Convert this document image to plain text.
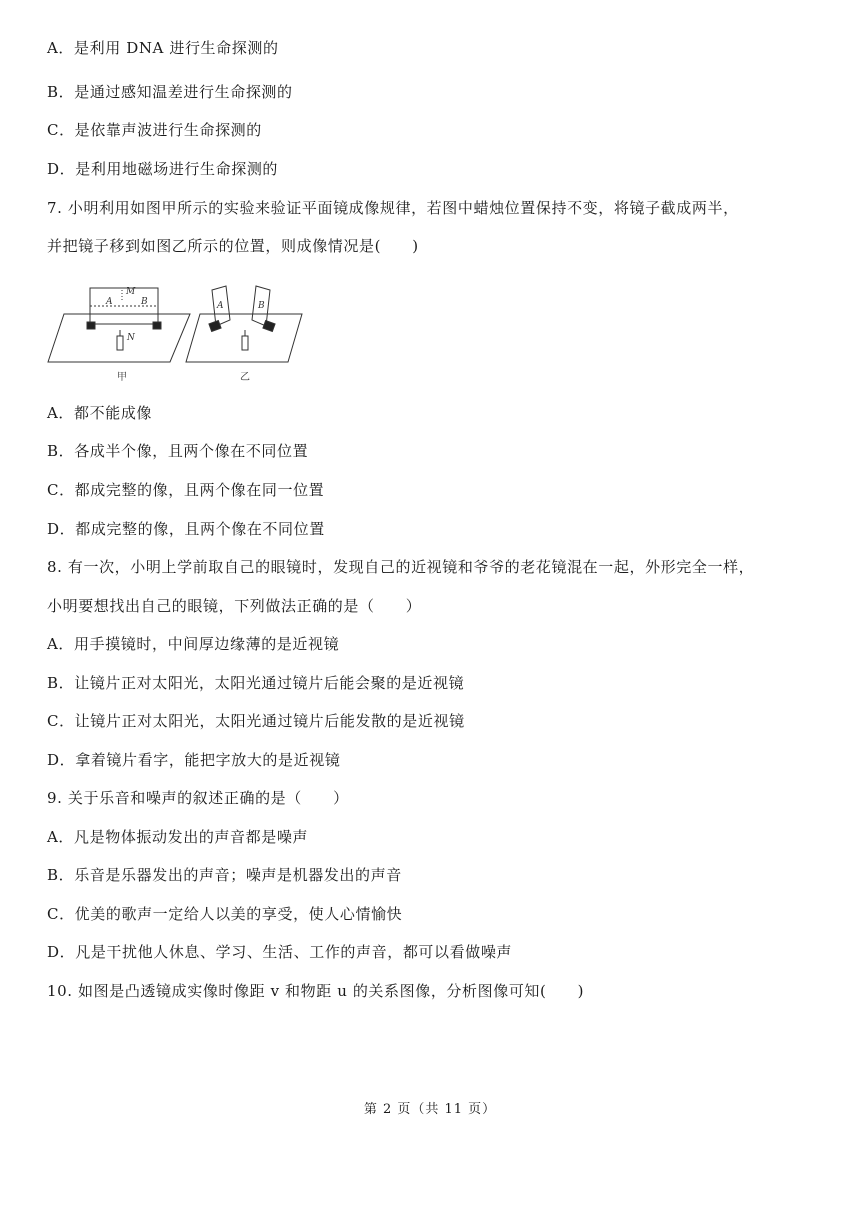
A．是利用 DNA 进行生命探测的
B．是通过感知温差进行生命探测的
C．是依靠声波进行生命探测的
D．是利用地磁场进行生命探测的
7. 小明利用如图甲所示的实验来验证平面镜成像规律，若图中蜡烛位置保持不变，将镜子截成两半，
并把镜子移到如图乙所示的位置，则成像情况是(　　)
A	B
M
N
甲
A	B
乙
A．都不能成像
B．各成半个像，且两个像在不同位置
C．都成完整的像，且两个像在同一位置
D．都成完整的像，且两个像在不同位置
8. 有一次，小明上学前取自己的眼镜时，发现自己的近视镜和爷爷的老花镜混在一起，外形完全一样，
小明要想找出自己的眼镜，下列做法正确的是（　　）
A．用手摸镜时，中间厚边缘薄的是近视镜
B．让镜片正对太阳光，太阳光通过镜片后能会聚的是近视镜
C．让镜片正对太阳光，太阳光通过镜片后能发散的是近视镜
D．拿着镜片看字，能把字放大的是近视镜
9. 关于乐音和噪声的叙述正确的是（　　）
A．凡是物体振动发出的声音都是噪声
B．乐音是乐器发出的声音；噪声是机器发出的声音
C．优美的歌声一定给人以美的享受，使人心情愉快
D．凡是干扰他人休息、学习、生活、工作的声音，都可以看做噪声
10. 如图是凸透镜成实像时像距 v 和物距 u 的关系图像，分析图像可知(　　)
第 2 页（共 11 页）
